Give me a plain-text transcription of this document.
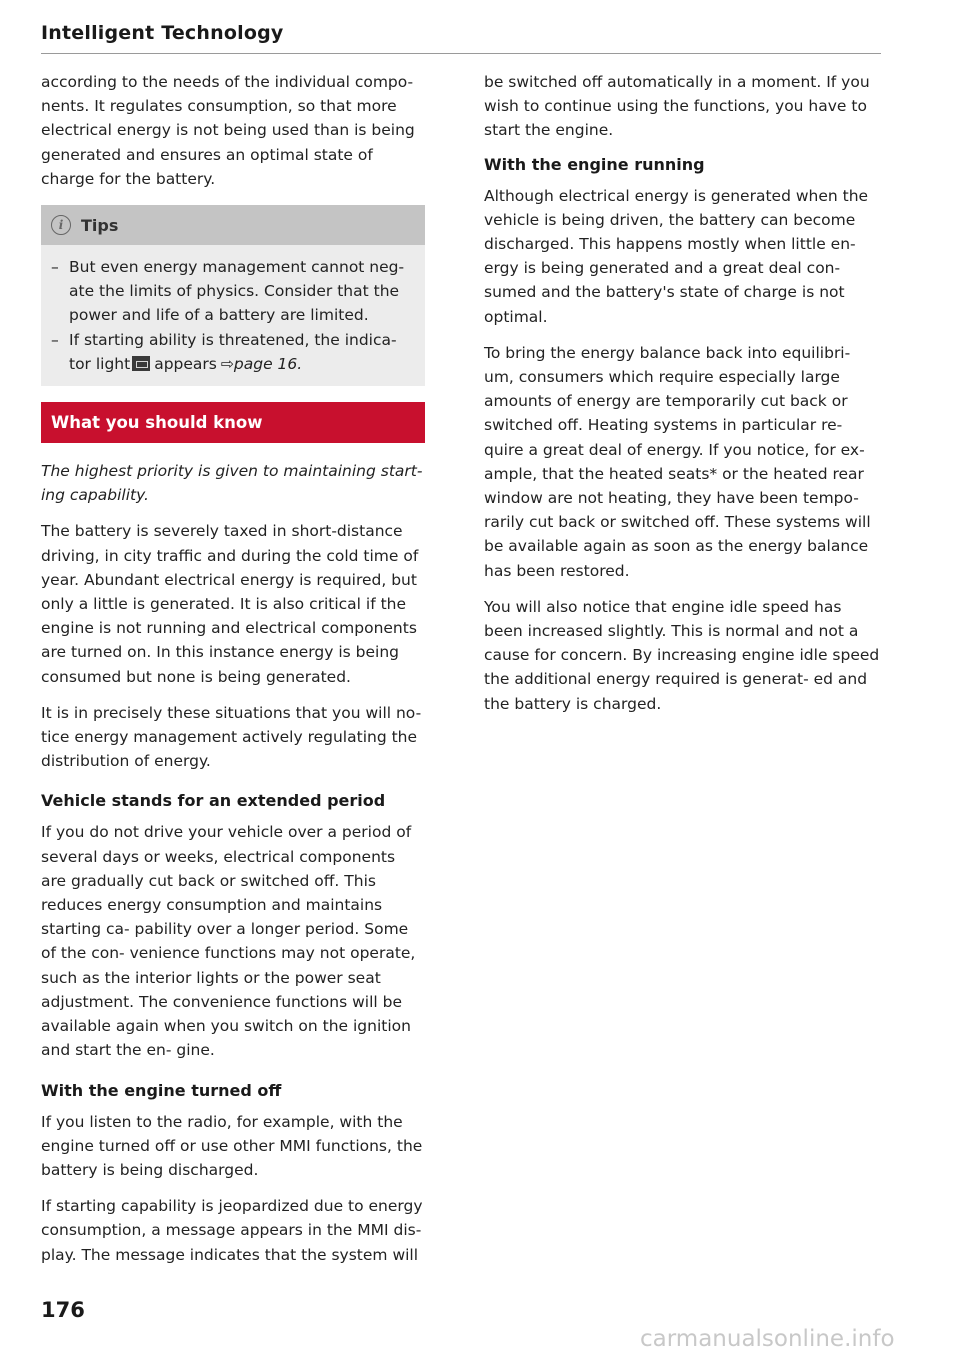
Intelligent Technology

according to the needs of the individual compo- nents. It regulates consumption, so that more electrical energy is not being used than is being generated and ensures an optimal state of charge for the battery.

i	Tips
– But even energy management cannot neg- ate the limits of physics. Consider that the power and life of a battery are limited.
– If starting ability is threatened, the indica- tor light appears ⇨page 16.
What you should know

The highest priority is given to maintaining start- ing capability.

The battery is severely taxed in short-distance driving, in city traffic and during the cold time of year. Abundant electrical energy is required, but only a little is generated. It is also critical if the engine is not running and electrical components are turned on. In this instance energy is being consumed but none is being generated.

It is in precisely these situations that you will no- tice energy management actively regulating the distribution of energy.

Vehicle stands for an extended period

If you do not drive your vehicle over a period of several days or weeks, electrical components are gradually cut back or switched off. This reduces energy consumption and maintains starting ca- pability over a longer period. Some of the con- venience functions may not operate, such as the interior lights or the power seat adjustment. The convenience functions will be available again when you switch on the ignition and start the en- gine.

With the engine turned off

If you listen to the radio, for example, with the engine turned off or use other MMI functions, the battery is being discharged.

If starting capability is jeopardized due to energy consumption, a message appears in the MMI dis- play. The message indicates that the system will

be switched off automatically in a moment. If you wish to continue using the functions, you have to start the engine.

With the engine running

Although electrical energy is generated when the vehicle is being driven, the battery can become discharged. This happens mostly when little en- ergy is being generated and a great deal con- sumed and the battery's state of charge is not optimal.

To bring the energy balance back into equilibri- um, consumers which require especially large amounts of energy are temporarily cut back or switched off. Heating systems in particular re- quire a great deal of energy. If you notice, for ex- ample, that the heated seats* or the heated rear window are not heating, they have been tempo- rarily cut back or switched off. These systems will be available again as soon as the energy balance has been restored.

You will also notice that engine idle speed has been increased slightly. This is normal and not a cause for concern. By increasing engine idle speed the additional energy required is generat- ed and the battery is charged.

176
carmanualsonline.info
